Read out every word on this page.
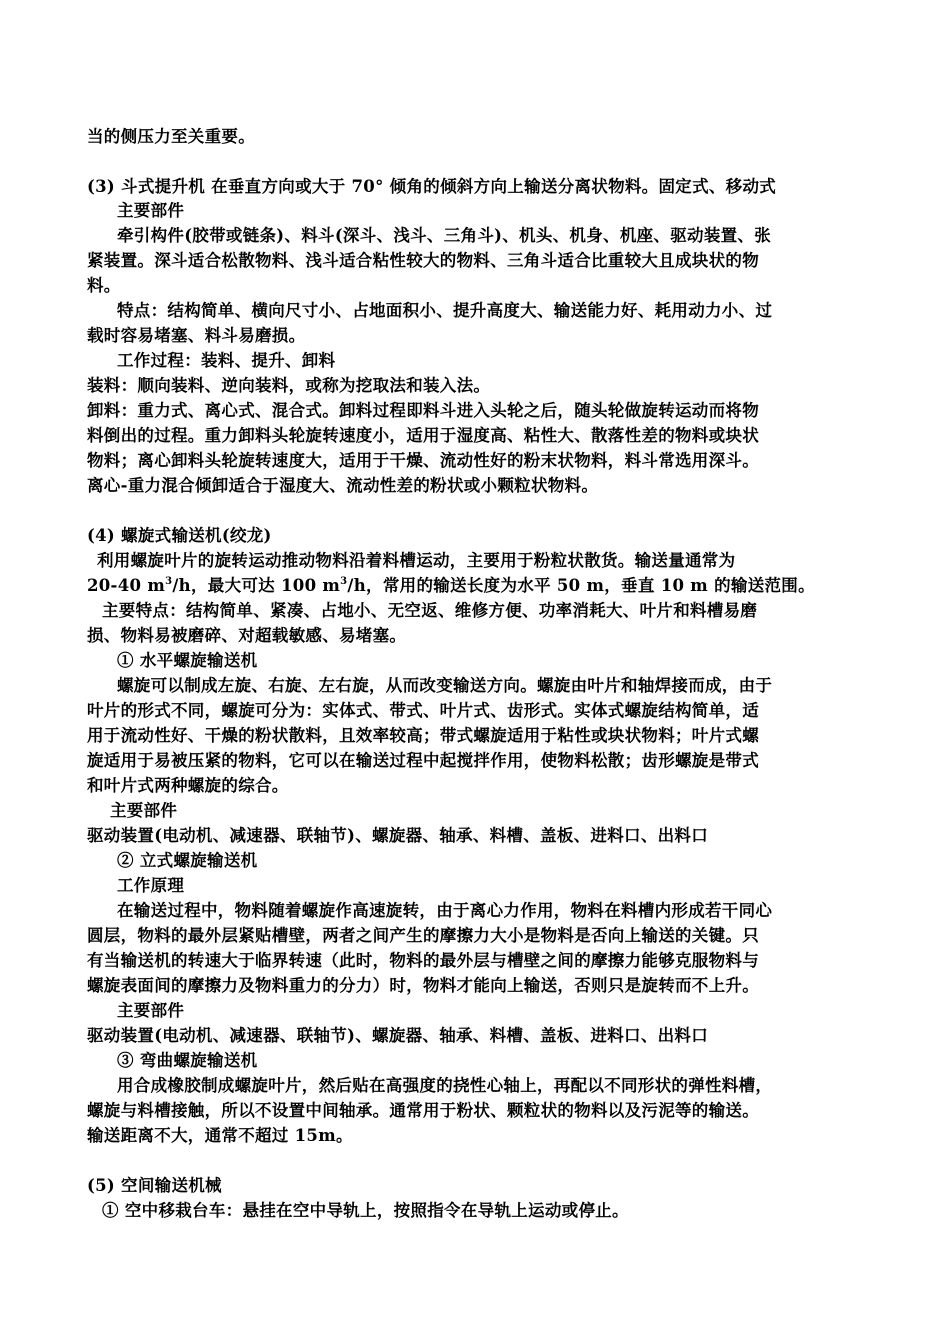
当的侧压力至关重要。
(3) 斗式提升机 在垂直方向或大于 70° 倾角的倾斜方向上输送分离状物料。固定式、移动式
主要部件
牵引构件(胶带或链条)、料斗(深斗、浅斗、三角斗)、机头、机身、机座、驱动装置、张
紧装置。深斗适合松散物料、浅斗适合粘性较大的物料、三角斗适合比重较大且成块状的物
料。
特点：结构简单、横向尺寸小、占地面积小、提升高度大、输送能力好、耗用动力小、过
载时容易堵塞、料斗易磨损。
工作过程：装料、提升、卸料
装料：顺向装料、逆向装料，或称为挖取法和装入法。
卸料：重力式、离心式、混合式。卸料过程即料斗进入头轮之后，随头轮做旋转运动而将物
料倒出的过程。重力卸料头轮旋转速度小，适用于湿度高、粘性大、散落性差的物料或块状
物料；离心卸料头轮旋转速度大，适用于干燥、流动性好的粉末状物料，料斗常选用深斗。
离心-重力混合倾卸适合于湿度大、流动性差的粉状或小颗粒状物料。
(4) 螺旋式输送机(绞龙)
利用螺旋叶片的旋转运动推动物料沿着料槽运动，主要用于粉粒状散货。输送量通常为
20-40 $m^3/h$，最大可达 100 $m^3/h$，常用的输送长度为水平 50 m，垂直 10 m 的输送范围。
主要特点：结构简单、紧凑、占地小、无空返、维修方便、功率消耗大、叶片和料槽易磨
损、物料易被磨碎、对超载敏感、易堵塞。
① 水平螺旋输送机
螺旋可以制成左旋、右旋、左右旋，从而改变输送方向。螺旋由叶片和轴焊接而成，由于
叶片的形式不同，螺旋可分为：实体式、带式、叶片式、齿形式。实体式螺旋结构简单，适
用于流动性好、干燥的粉状散料，且效率较高；带式螺旋适用于粘性或块状物料；叶片式螺
旋适用于易被压紧的物料，它可以在输送过程中起搅拌作用，使物料松散；齿形螺旋是带式
和叶片式两种螺旋的综合。
主要部件
驱动装置(电动机、减速器、联轴节)、螺旋器、轴承、料槽、盖板、进料口、出料口
② 立式螺旋输送机
工作原理
在输送过程中，物料随着螺旋作高速旋转，由于离心力作用，物料在料槽内形成若干同心
圆层，物料的最外层紧贴槽壁，两者之间产生的摩擦力大小是物料是否向上输送的关键。只
有当输送机的转速大于临界转速（此时，物料的最外层与槽壁之间的摩擦力能够克服物料与
螺旋表面间的摩擦力及物料重力的分力）时，物料才能向上输送，否则只是旋转而不上升。
主要部件
驱动装置(电动机、减速器、联轴节)、螺旋器、轴承、料槽、盖板、进料口、出料口
③ 弯曲螺旋输送机
用合成橡胶制成螺旋叶片，然后贴在高强度的挠性心轴上，再配以不同形状的弹性料槽，
螺旋与料槽接触，所以不设置中间轴承。通常用于粉状、颗粒状的物料以及污泥等的输送。
输送距离不大，通常不超过 15m。
(5) 空间输送机械
① 空中移栽台车：悬挂在空中导轨上，按照指令在导轨上运动或停止。
